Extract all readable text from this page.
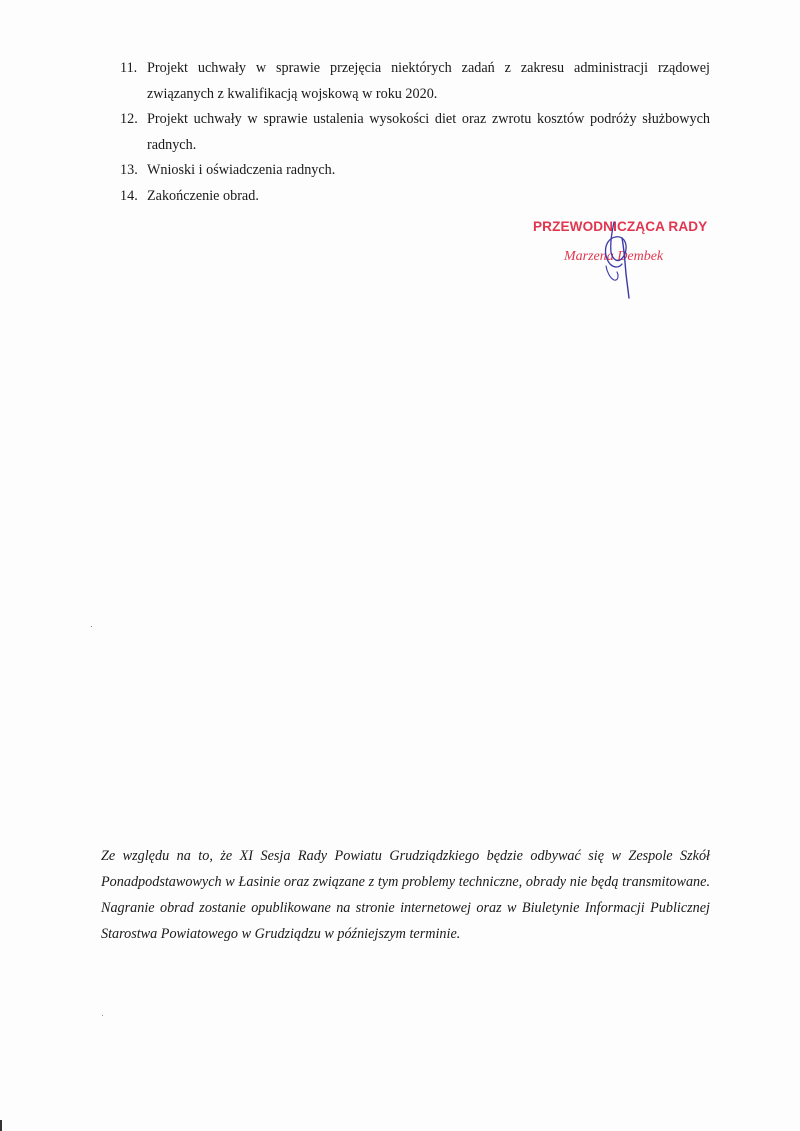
11. Projekt uchwały w sprawie przejęcia niektórych zadań z zakresu administracji rządowej związanych z kwalifikacją wojskową w roku 2020.
12. Projekt uchwały w sprawie ustalenia wysokości diet oraz zwrotu kosztów podróży służbowych radnych.
13. Wnioski i oświadczenia radnych.
14. Zakończenie obrad.
PRZEWODNICZĄCA RADY
Marzena Dembek
Ze względu na to, że XI Sesja Rady Powiatu Grudziądzkiego będzie odbywać się w Zespole Szkół Ponadpodstawowych w Łasinie oraz związane z tym problemy techniczne, obrady nie będą transmitowane. Nagranie obrad zostanie opublikowane na stronie internetowej oraz w Biuletynie Informacji Publicznej Starostwa Powiatowego w Grudziądzu w późniejszym terminie.
